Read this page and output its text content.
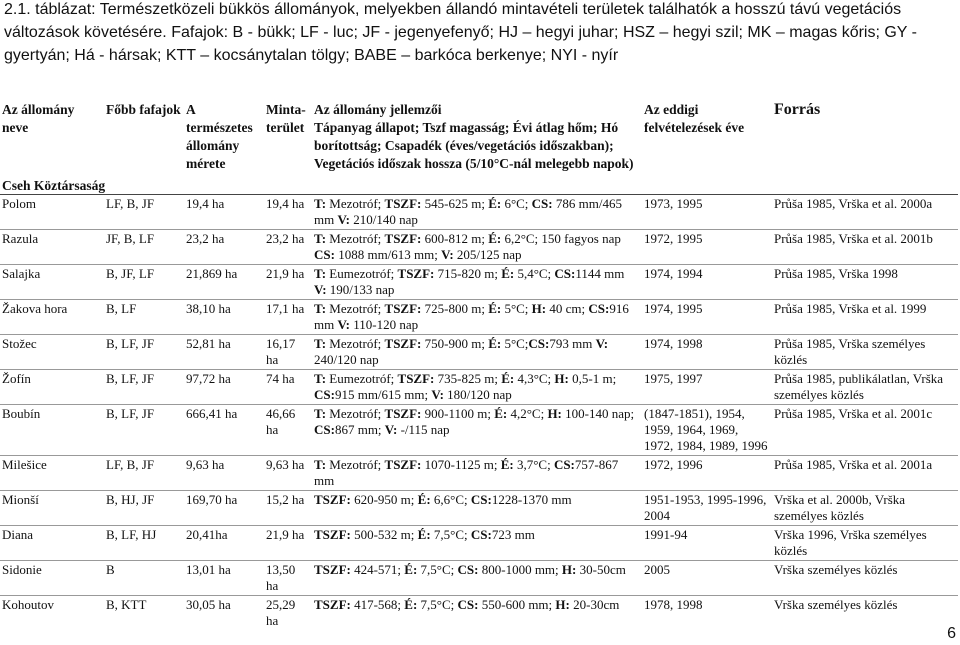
2.1. táblázat: Természetközeli bükkös állományok, melyekben állandó mintavételi területek találhatók a hosszú távú vegetációs változások követésére. Fafajok: B - bükk; LF - luc; JF - jegenyefenyő; HJ – hegyi juhar; HSZ – hegyi szil; MK – magas kőris; GY - gyertyán; Há - hársak; KTT – kocsánytalan tölgy; BABE – barkóca berkenye; NYI - nyír
Az állomány neve	Főbb fafajok	A természetes állomány mérete	Minta-terület	Az állomány jellemzői
Tápanyag állapot; Tszf magasság; Évi átlag hőm; Hó borítottság; Csapadék (éves/vegetációs időszakban); Vegetációs időszak hossza (5/10°C-nál melegebb napok)	Az eddigi felvételezések éve	Forrás
Cseh Köztársaság						
Polom	LF, B, JF	19,4 ha	19,4 ha	T: Mezotróf; TSZF: 545-625 m; É: 6°C; CS: 786 mm/465 mm V: 210/140 nap	1973, 1995	Průša 1985, Vrška et al. 2000a
Razula	JF, B, LF	23,2 ha	23,2 ha	T: Mezotróf; TSZF: 600-812 m; É: 6,2°C; 150 fagyos nap CS: 1088 mm/613 mm; V: 205/125 nap	1972, 1995	Průša 1985, Vrška et al. 2001b
Salajka	B, JF, LF	21,869 ha	21,9 ha	T: Eumezotróf; TSZF: 715-820 m; É: 5,4°C; CS:1144 mm V: 190/133 nap	1974, 1994	Průša 1985, Vrška 1998
Žakova hora	B, LF	38,10 ha	17,1 ha	T: Mezotróf; TSZF: 725-800 m; É: 5°C; H: 40 cm; CS:916 mm V: 110-120 nap	1974, 1995	Průša 1985, Vrška et al. 1999
Stožec	B, LF, JF	52,81 ha	16,17 ha	T: Mezotróf; TSZF: 750-900 m; É: 5°C;CS:793 mm V: 240/120 nap	1974, 1998	Průša 1985, Vrška személyes közlés
Žofín	B, LF, JF	97,72 ha	74 ha	T: Eumezotróf; TSZF: 735-825 m; É: 4,3°C; H: 0,5-1 m; CS:915 mm/615 mm; V: 180/120 nap	1975, 1997	Průša 1985, publikálatlan, Vrška személyes közlés
Boubín	B, LF, JF	666,41 ha	46,66 ha	T: Mezotróf; TSZF: 900-1100 m; É: 4,2°C; H: 100-140 nap; CS:867 mm; V: -/115 nap	(1847-1851), 1954, 1959, 1964, 1969, 1972, 1984, 1989, 1996	Průša 1985, Vrška et al. 2001c
Milešice	LF, B, JF	9,63 ha	9,63 ha	T: Mezotróf; TSZF: 1070-1125 m; É: 3,7°C; CS:757-867 mm	1972, 1996	Průša 1985, Vrška et al. 2001a
Mionší	B, HJ, JF	169,70 ha	15,2 ha	TSZF: 620-950 m; É: 6,6°C; CS:1228-1370 mm	1951-1953, 1995-1996, 2004	Vrška et al. 2000b, Vrška személyes közlés
Diana	B, LF, HJ	20,41ha	21,9 ha	TSZF: 500-532 m; É: 7,5°C; CS:723 mm	1991-94	Vrška 1996, Vrška személyes közlés
Sidonie	B	13,01 ha	13,50 ha	TSZF: 424-571; É: 7,5°C; CS: 800-1000 mm; H: 30-50cm	2005	Vrška személyes közlés
Kohoutov	B, KTT	30,05 ha	25,29 ha	TSZF: 417-568; É: 7,5°C; CS: 550-600 mm; H: 20-30cm	1978, 1998	Vrška személyes közlés
6
